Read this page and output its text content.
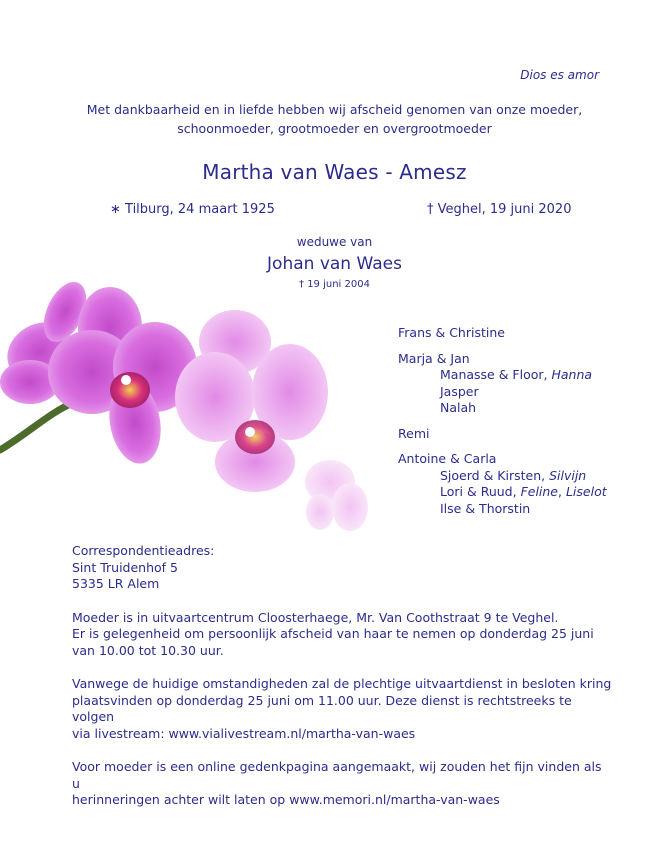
Dios es amor
Met dankbaarheid en in liefde hebben wij afscheid genomen van onze moeder,
schoonmoeder, grootmoeder en overgrootmoeder
Martha van Waes - Amesz
∗ Tilburg, 24 maart 1925	† Veghel, 19 juni 2020
weduwe van
Johan van Waes
† 19 juni 2004
Frans & Christine
Marja & Jan
Manasse & Floor, Hanna
Jasper
Nalah
Remi
Antoine & Carla
Sjoerd & Kirsten, Silvijn
Lori & Ruud, Feline, Liselot
Ilse & Thorstin

Correspondentieadres:
Sint Truidenhof 5
5335 LR Alem

Moeder is in uitvaartcentrum Cloosterhaege, Mr. Van Coothstraat 9 te Veghel.
Er is gelegenheid om persoonlijk afscheid van haar te nemen op donderdag 25 juni
van 10.00 tot 10.30 uur.

Vanwege de huidige omstandigheden zal de plechtige uitvaartdienst in besloten kring
plaatsvinden op donderdag 25 juni om 11.00 uur. Deze dienst is rechtstreeks te volgen
via livestream: www.vialivestream.nl/martha-van-waes

Voor moeder is een online gedenkpagina aangemaakt, wij zouden het fijn vinden als u
herinneringen achter wilt laten op www.memori.nl/martha-van-waes
